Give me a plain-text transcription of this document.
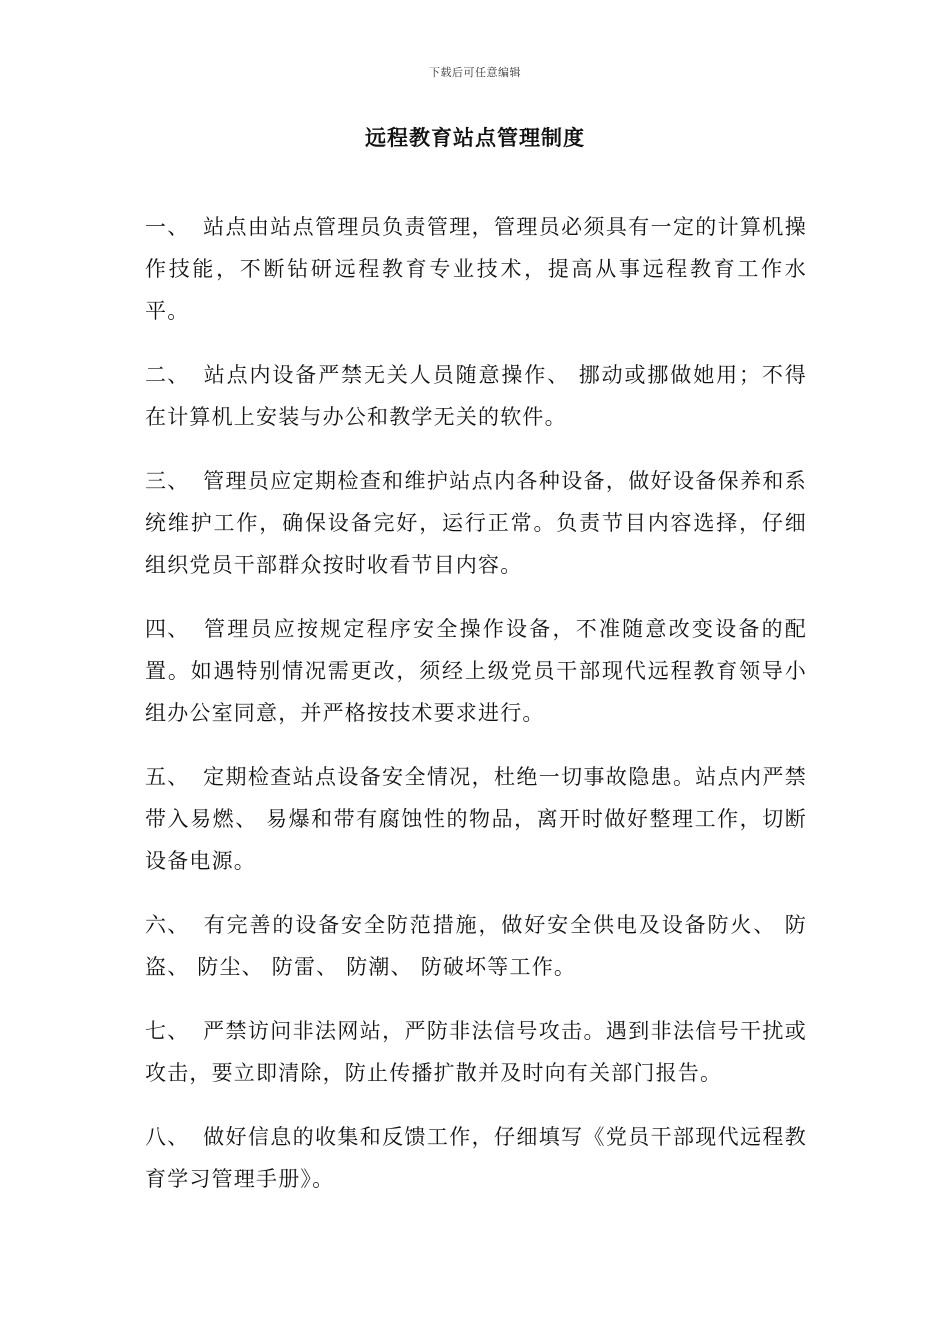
下载后可任意编辑
远程教育站点管理制度

一、 站点由站点管理员负责管理，管理员必须具有一定的计算机操作技能，不断钻研远程教育专业技术，提高从事远程教育工作水平。

二、 站点内设备严禁无关人员随意操作、 挪动或挪做她用；不得在计算机上安装与办公和教学无关的软件。

三、 管理员应定期检查和维护站点内各种设备，做好设备保养和系统维护工作，确保设备完好，运行正常。负责节目内容选择，仔细组织党员干部群众按时收看节目内容。

四、 管理员应按规定程序安全操作设备，不准随意改变设备的配置。如遇特别情况需更改，须经上级党员干部现代远程教育领导小组办公室同意，并严格按技术要求进行。

五、 定期检查站点设备安全情况，杜绝一切事故隐患。站点内严禁带入易燃、 易爆和带有腐蚀性的物品，离开时做好整理工作，切断设备电源。

六、 有完善的设备安全防范措施，做好安全供电及设备防火、 防盗、 防尘、 防雷、 防潮、 防破坏等工作。

七、 严禁访问非法网站，严防非法信号攻击。遇到非法信号干扰或攻击，要立即清除，防止传播扩散并及时向有关部门报告。

八、 做好信息的收集和反馈工作，仔细填写《党员干部现代远程教育学习管理手册》。
